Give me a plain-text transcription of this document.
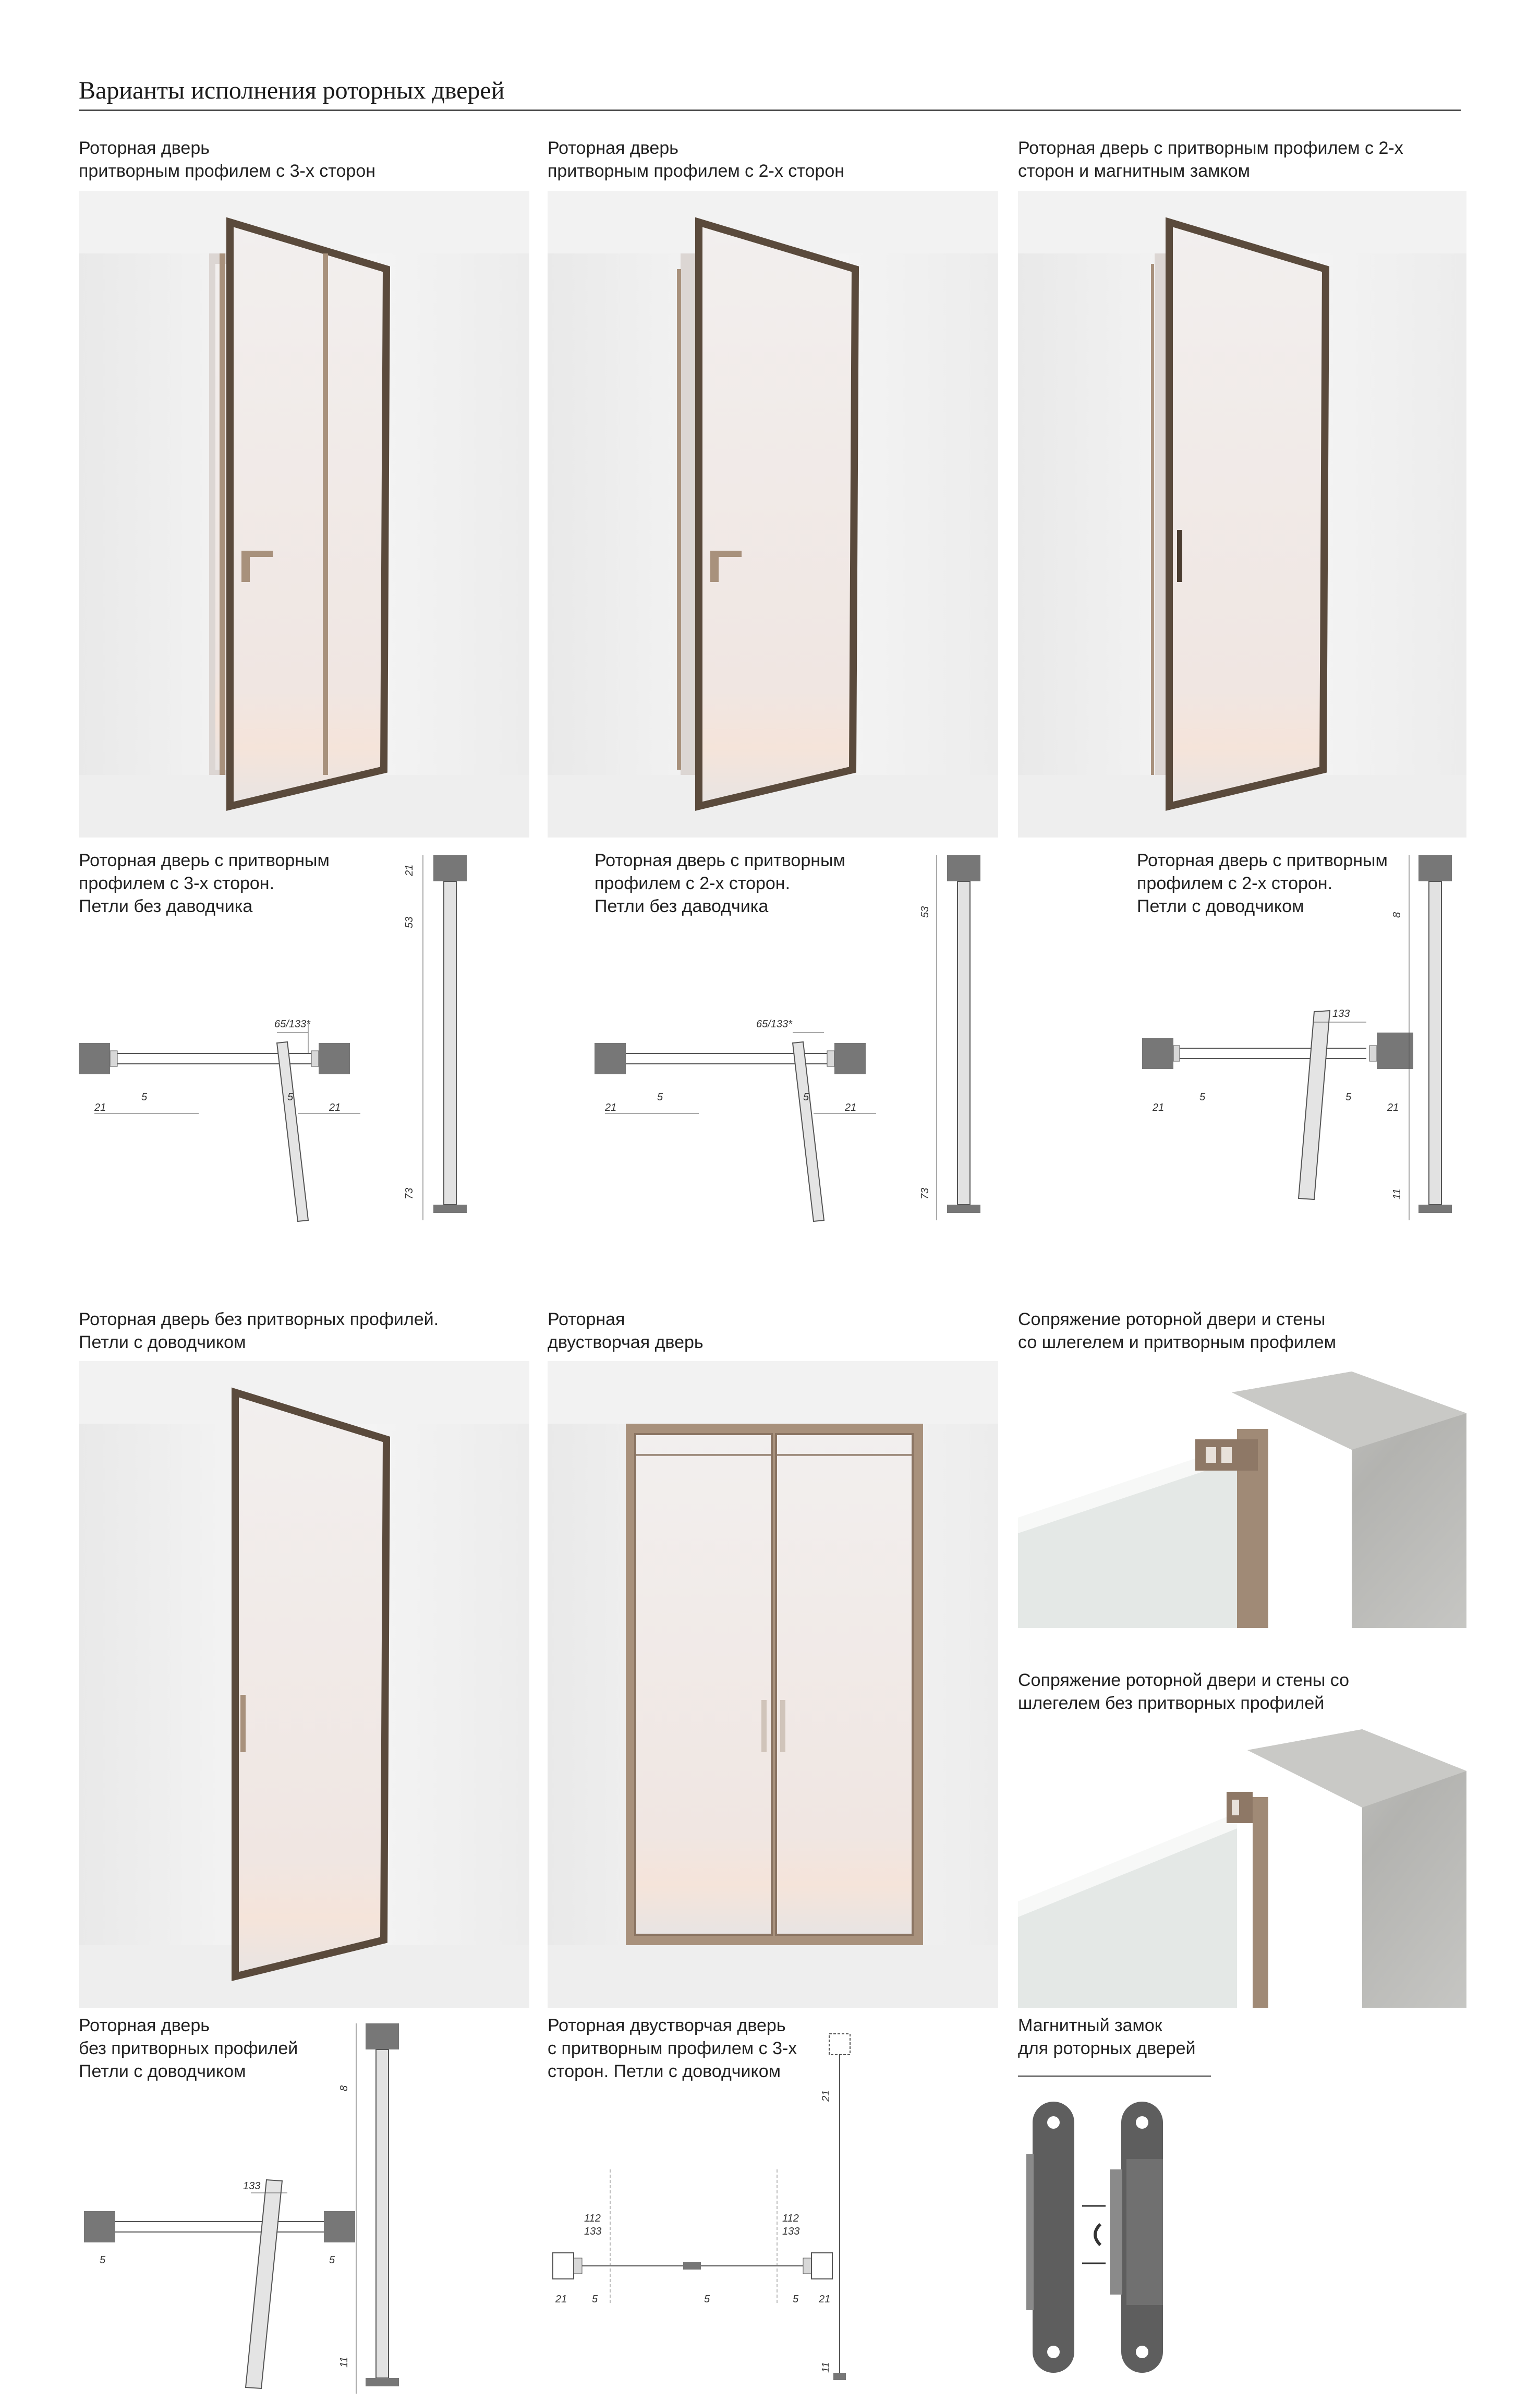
Варианты исполнения роторных дверей
Роторная дверь
притворным профилем с 3-х сторон
Роторная дверь
притворным профилем с 2-х сторон
Роторная дверь с притворным профилем с 2-х
сторон и магнитным замком
Роторная дверь с притворным
профилем с 3-х сторон.
Петли без даводчика
Роторная дверь с притворным
профилем с 2-х сторон.
Петли без даводчика
Роторная дверь с притворным
профилем с 2-х сторон.
Петли с доводчиком
65/133*
21
5	5
21
21
53
73
65/133*
21
5	5
21
53
73
133
21
5	5
21
8
11
Роторная дверь без притворных профилей.
Петли с доводчиком
Роторная
двустворчая дверь
Сопряжение роторной двери и стены
со шлегелем и притворным профилем
Сопряжение роторной двери и стены со
шлегелем без притворных профилей
Роторная дверь
без притворных профилей
Петли с доводчиком
Роторная двустворчая дверь
с притворным профилем с 3-х
сторон. Петли с доводчиком
Магнитный замок
для роторных дверей
133
5	5
8
11
112
133
112
133
21
5	5	5
21	21
11
